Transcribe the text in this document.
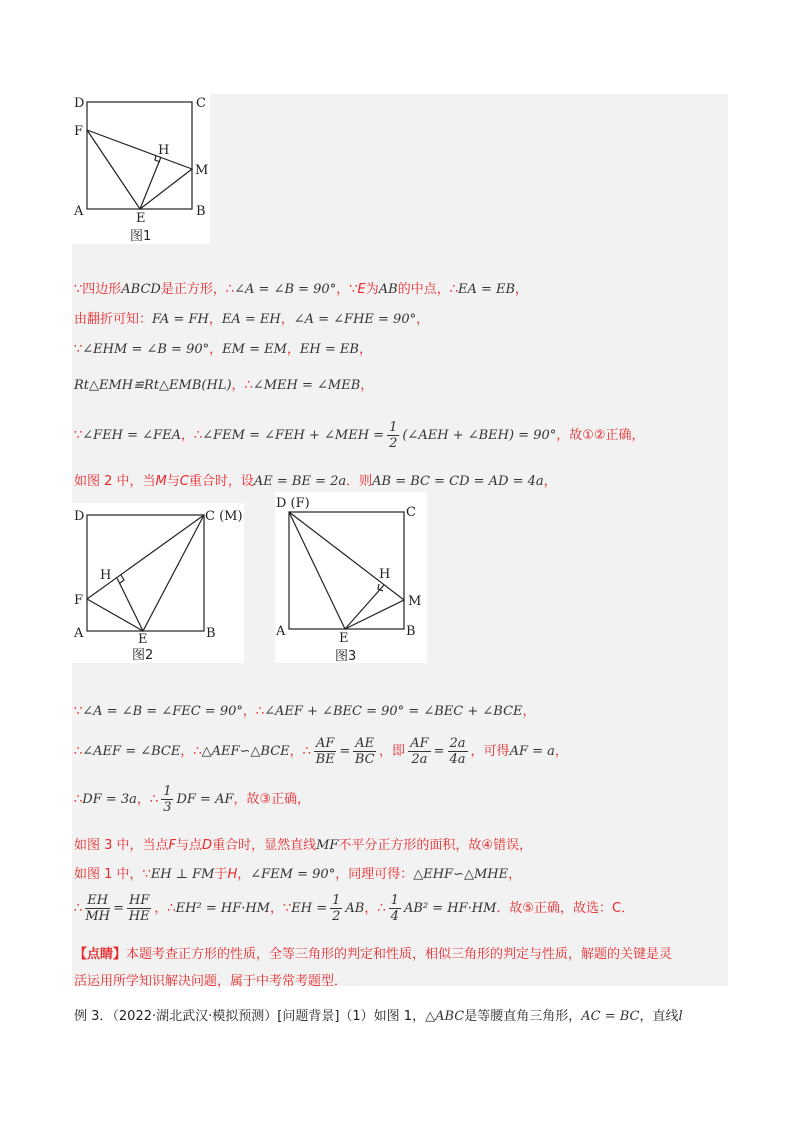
D	C
F
H
M
A	E	B
图1
D	C (M)
H
F
A	E	B
图2
D (F)
C
H
M
A	E	B
图3
∵四边形ABCD是正方形，∴∠A = ∠B = 90°，∵E为AB的中点，∴EA = EB，
由翻折可知：FA = FH，EA = EH，∠A = ∠FHE = 90°，
∵∠EHM = ∠B = 90°，EM = EM，EH = EB，
Rt△EMH≌Rt△EMB(HL)，∴∠MEH = ∠MEB，
∵∠FEH = ∠FEA，∴∠FEM = ∠FEH + ∠MEH = $\frac{1}{2}$ (∠AEH + ∠BEH) = 90°，故①②正确，
如图 2 中，当M与C重合时，设AE = BE = 2a．则AB = BC = CD = AD = 4a，
∵∠A = ∠B = ∠FEC = 90°，∴∠AEF + ∠BEC = 90° = ∠BEC + ∠BCE，
∴∠AEF = ∠BCE，∴△AEF∽△BCE，∴ $\frac{AF}{BE} = \frac{AE}{BC}$ ，即 $\frac{AF}{2a} = \frac{2a}{4a}$ ，可得AF = a，
∴DF = 3a，∴ $\frac{1}{3}$ DF = AF，故③正确，
如图 3 中，当点F与点D重合时，显然直线MF不平分正方形的面积，故④错误，
如图 1 中，∵EH ⊥ FM于H，∠FEM = 90°，同理可得：△EHF∽△MHE，
∴ $\frac{EH}{MH} = \frac{HF}{HE}$ ，∴EH² = HF·HM，∵EH = $\frac{1}{2}$ AB，∴ $\frac{1}{4} AB^2 = HF\cdot HM$．故⑤正确，故选：C．
【点睛】本题考查正方形的性质，全等三角形的判定和性质，相似三角形的判定与性质，解题的关键是灵
活运用所学知识解决问题，属于中考常考题型．
例 3．（2022·湖北武汉·模拟预测）[问题背景]（1）如图 1，△ABC是等腰直角三角形，AC = BC，直线l
